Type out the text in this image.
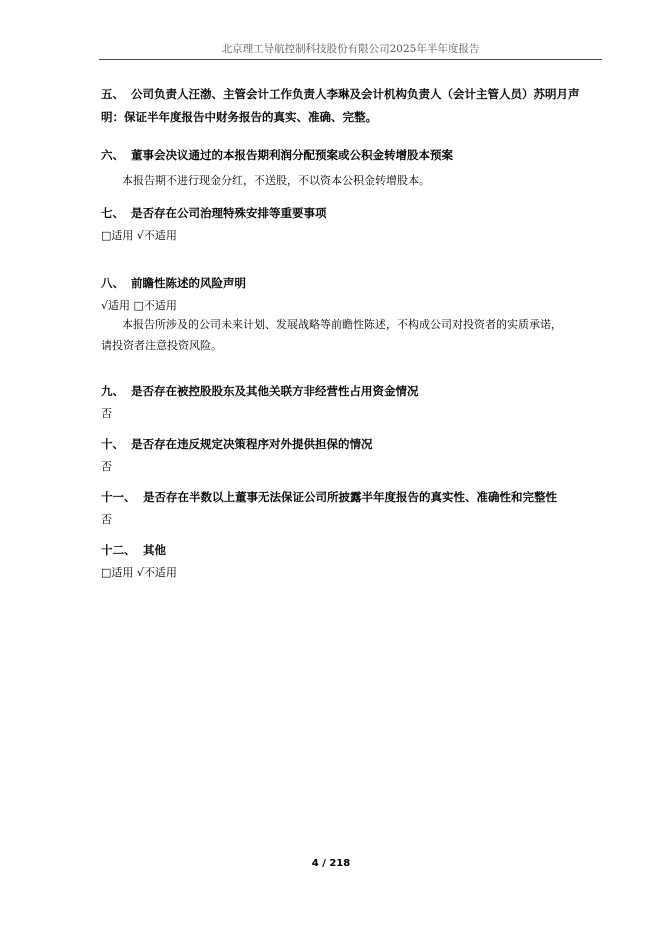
北京理工导航控制科技股份有限公司2025年半年度报告
五、 公司负责人汪渤、主管会计工作负责人李琳及会计机构负责人（会计主管人员）苏明月声
明：保证半年度报告中财务报告的真实、准确、完整。
六、 董事会决议通过的本报告期利润分配预案或公积金转增股本预案
本报告期不进行现金分红，不送股，不以资本公积金转增股本。
七、 是否存在公司治理特殊安排等重要事项
□适用 √不适用
八、 前瞻性陈述的风险声明
√适用 □不适用
本报告所涉及的公司未来计划、发展战略等前瞻性陈述，不构成公司对投资者的实质承诺，
请投资者注意投资风险。
九、 是否存在被控股股东及其他关联方非经营性占用资金情况
否
十、 是否存在违反规定决策程序对外提供担保的情况
否
十一、 是否存在半数以上董事无法保证公司所披露半年度报告的真实性、准确性和完整性
否
十二、 其他
□适用 √不适用
4 / 218
